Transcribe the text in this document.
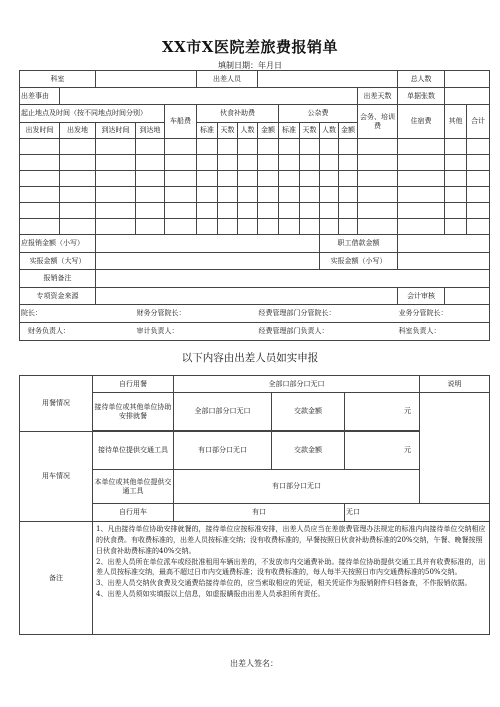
XX市X医院差旅费报销单
填制日期：年月日
科室					出差人员									总人数		
出差事由													出差天数	单据张数		
起止地点及时间（按不同地点时间分别）				车船费	伙食补助费				公杂费				会务、培训费	住宿费	其他	合计
出发时间	出发地	到达时间	到达地		标准	天数	人数	金额	标准	天数	人数	金额				

应报销金额（小写）											职工借款金额					
实报金额（大写）											实报金额（小写）					
报销备注																
专项资金来源														会计审核		
院长：			财务分管院长：					经费管理部门分管院长：						业务分管院长：		
财务负责人：			审计负责人：					经费管理部门负责人：						科室负责人：		
以下内容由出差人员如实申报
用餐情况	自行用餐	全部口部分口无口			说明
	接待单位或其他单位协助安排就餐	全部口部分口无口	交款金额	元	

用车情况	接待单位提供交通工具	有口部分口无口	交款金额	元	
	本单位或其他单位提供交通工具	有口部分口无口			
	自行用车	有口		无口	
备注	1、凡由接待单位协助安排就餐的，接待单位应按标准安排，出差人员应当在差旅费管理办法规定的标准内向接待单位交纳相应的伙食费。有收费标准的，出差人员按标准交纳；没有收费标准的，早餐按照日伙食补助费标准的20%交纳，午餐、晚餐按照日伙食补助费标准的40%交纳。
2、出差人员所在单位派车或经批准租用车辆出差的，不发放市内交通费补助。接待单位协助提供交通工具并有收费标准的，出差人员按标准交纳，最高不超过日市内交通费标准；没有收费标准的，每人每半天按照日市内交通费标准的50%交纳。
3、出差人员交纳伙食费及交通费给接待单位的，应当索取相应的凭证，相关凭证作为报销附件归档备查，不作报销依据。
4、出差人员须如实填报以上信息，如虚报瞒报由出差人员承担所有责任。				
出差人签名：
